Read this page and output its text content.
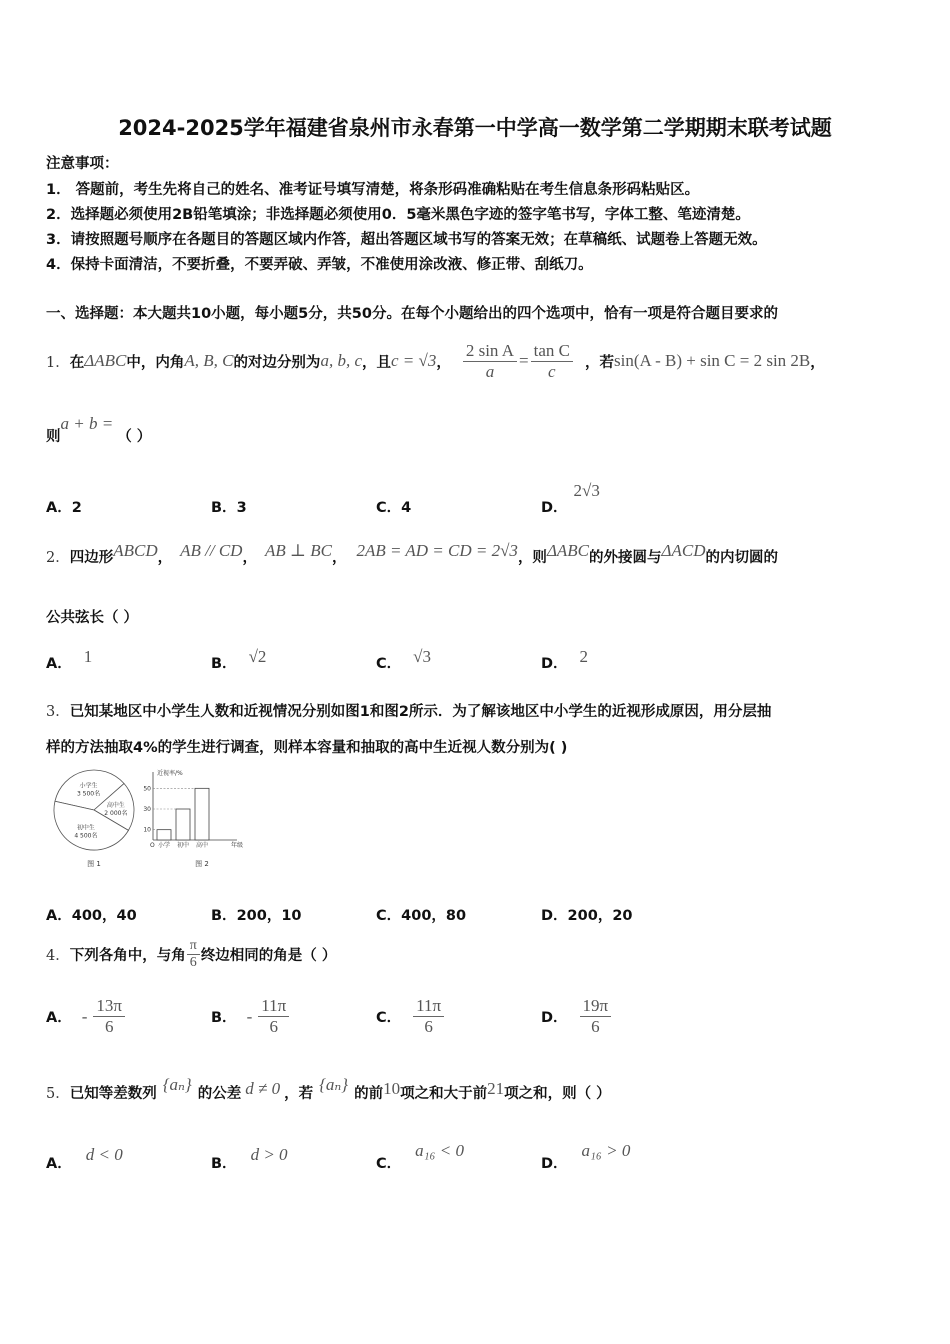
2024-2025学年福建省泉州市永春第一中学高一数学第二学期期末联考试题
注意事项：
1． 答题前，考生先将自己的姓名、准考证号填写清楚，将条形码准确粘贴在考生信息条形码粘贴区。
2．选择题必须使用2B铅笔填涂；非选择题必须使用0．5毫米黑色字迹的签字笔书写，字体工整、笔迹清楚。
3．请按照题号顺序在各题目的答题区域内作答，超出答题区域书写的答案无效；在草稿纸、试题卷上答题无效。
4．保持卡面清洁，不要折叠，不要弄破、弄皱，不准使用涂改液、修正带、刮纸刀。
一、选择题：本大题共10小题，每小题5分，共50分。在每个小题给出的四个选项中，恰有一项是符合题目要求的
1． 在 ΔABC 中，内角 A, B, C 的对边分别为 a, b, c ，且 c = √3 ， $\frac{\text{2 sin A}}{a} = \frac{\text{tan C}}{c}$ ，若 sin(A - B) + sin C = 2 sin 2B ，
则
a + b =
（ ）
A．2	B．3	C．4	D．
2√3
2． 四边形 ABCD ， AB // CD ， AB ⊥ BC ， 2AB = AD = CD = 2√3 ，则 ΔABC 的外接圆与 ΔACD 的内切圆的
公共弦长（ ）
A． 1	B． √2	C． √3	D． 2
3．已知某地区中小学生人数和近视情况分别如图1和图2所示．为了解该地区中小学生的近视形成原因，用分层抽
样的方法抽取4%的学生进行调查，则样本容量和抽取的高中生近视人数分别为( )
小学生
3 500名
高中生
2 000名
初中生
4 500名
图 1
近视率/%
O	年级
10
小学
30
初中
50
高中
图 2
A．400，40	B．200，10	C．400，80	D．200，20
4． 下列各角中，与角 $\frac{\pi}{6}$ 终边相同的角是（ ）
A． - $\frac{13\pi}{6}$	B． - $\frac{11\pi}{6}$	C． $\frac{11\pi}{6}$	D． $\frac{19\pi}{6}$
5． 已知等差数列
{aₙ}
的公差 d ≠ 0 ，若
{aₙ}
的前 10 项之和大于前 21 项之和，则（ ）
A． d < 0	B． d > 0	C．
a₁₆ < 0
D．
a₁₆ > 0
